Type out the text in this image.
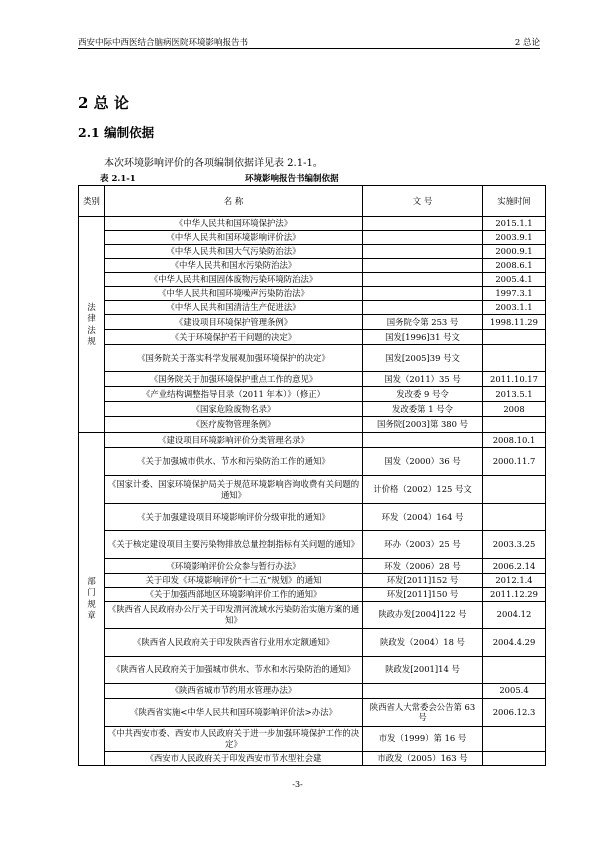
西安中际中西医结合脑病医院环境影响报告书	2 总论
2 总 论
2.1 编制依据
本次环境影响评价的各项编制依据详见表 2.1-1。
表 2.1-1	环境影响报告书编制依据
类别	名 称	文 号	实施时间

法
律
法
规	《中华人民共和国环境保护法》		2015.1.1
	《中华人民共和国环境影响评价法》		2003.9.1
	《中华人民共和国大气污染防治法》		2000.9.1
	《中华人民共和国水污染防治法》		2008.6.1
	《中华人民共和国固体废物污染环境防治法》		2005.4.1
	《中华人民共和国环境噪声污染防治法》		1997.3.1
	《中华人民共和国清洁生产促进法》		2003.1.1
	《建设项目环境保护管理条例》	国务院令第 253 号	1998.11.29
	《关于环境保护若干问题的决定》	国发[1996]31 号文	
	《国务院关于落实科学发展观加强环境保护的决定》	国发[2005]39 号文	
	《国务院关于加强环境保护重点工作的意见》	国发（2011）35 号	2011.10.17
	《产业结构调整指导目录（2011 年本）》（修正）	发改委 9 号令	2013.5.1
	《国家危险废物名录》	发改委第 1 号令	2008
	《医疗废物管理条例》	国务院[2003]第 380 号	

部
门
规
章	《建设项目环境影响评价分类管理名录》		2008.10.1
	《关于加强城市供水、节水和污染防治工作的通知》	国发（2000）36 号	2000.11.7
	《国家计委、国家环境保护局关于规范环境影响咨询收费有关问题的通知》	计价格（2002）125 号文	
	《关于加强建设项目环境影响评价分级审批的通知》	环发（2004）164 号	
	《关于核定建设项目主要污染物排放总量控制指标有关问题的通知》	环办（2003）25 号	2003.3.25
	《环境影响评价公众参与暂行办法》	环发（2006）28 号	2006.2.14
	关于印发《环境影响评价“十二五”规划》的通知	环发[2011]152 号	2012.1.4
	《关于加强西部地区环境影响评价工作的通知》	环发[2011]150 号	2011.12.29
	《陕西省人民政府办公厅关于印发渭河流域水污染防治实施方案的通知》	陕政办发[2004]122 号	2004.12
	《陕西省人民政府关于印发陕西省行业用水定额通知》	陕政发（2004）18 号	2004.4.29
	《陕西省人民政府关于加强城市供水、节水和水污染防治的通知》	陕政发[2001]14 号	
	《陕西省城市节约用水管理办法》		2005.4
	《陕西省实施<中华人民共和国环境影响评价法>办法》	陕西省人大常委会公告第 63 号	2006.12.3
	《中共西安市委、西安市人民政府关于进一步加强环境保护工作的决定》	市发（1999）第 16 号	
	《西安市人民政府关于印发西安市节水型社会建	市政发（2005）163 号	
-3-
